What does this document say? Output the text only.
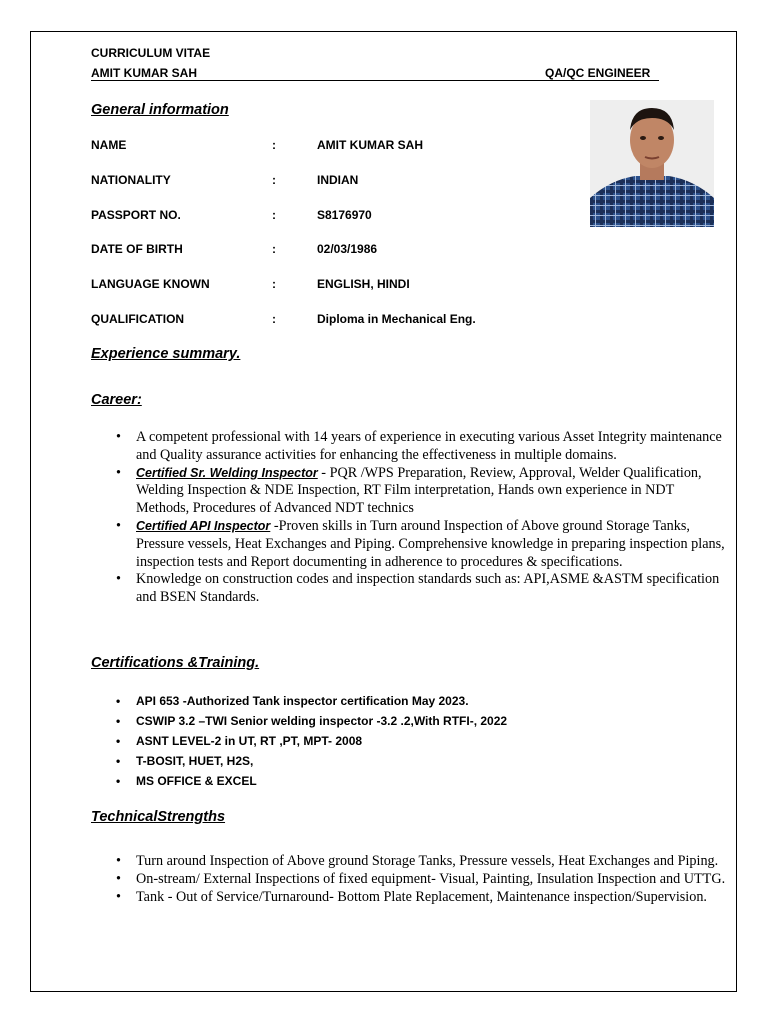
CURRICULUM VITAE
AMIT KUMAR SAH	QA/QC ENGINEER
General information
NAME	:	AMIT KUMAR SAH
NATIONALITY	:	INDIAN
PASSPORT NO.	:	S8176970
DATE OF BIRTH	:	02/03/1986
LANGUAGE KNOWN	:	ENGLISH, HINDI
QUALIFICATION	:	Diploma in Mechanical Eng.
Experience summary.
Career:
• A competent professional with 14 years of experience in executing various Asset Integrity maintenance and Quality assurance activities for enhancing the effectiveness in multiple domains.
• Certified Sr. Welding Inspector - PQR /WPS Preparation, Review, Approval, Welder Qualification, Welding Inspection & NDE Inspection, RT Film interpretation, Hands own experience in NDT Methods, Procedures of Advanced NDT technics
• Certified API Inspector -Proven skills in Turn around Inspection of Above ground Storage Tanks, Pressure vessels, Heat Exchanges and Piping. Comprehensive knowledge in preparing inspection plans, inspection tests and Report documenting in adherence to procedures & specifications.
• Knowledge on construction codes and inspection standards such as: API,ASME &ASTM specification and BSEN Standards.
Certifications &Training.
• API 653 -Authorized Tank inspector certification May 2023.
• CSWIP 3.2 –TWI Senior welding inspector -3.2 .2,With RTFI-, 2022
• ASNT LEVEL-2 in UT, RT ,PT, MPT- 2008
• T-BOSIT, HUET, H2S,
• MS OFFICE & EXCEL
TechnicalStrengths
• Turn around Inspection of Above ground Storage Tanks, Pressure vessels, Heat Exchanges and Piping.
• On-stream/ External Inspections of fixed equipment- Visual, Painting, Insulation Inspection and UTTG.
• Tank - Out of Service/Turnaround- Bottom Plate Replacement, Maintenance inspection/Supervision.
